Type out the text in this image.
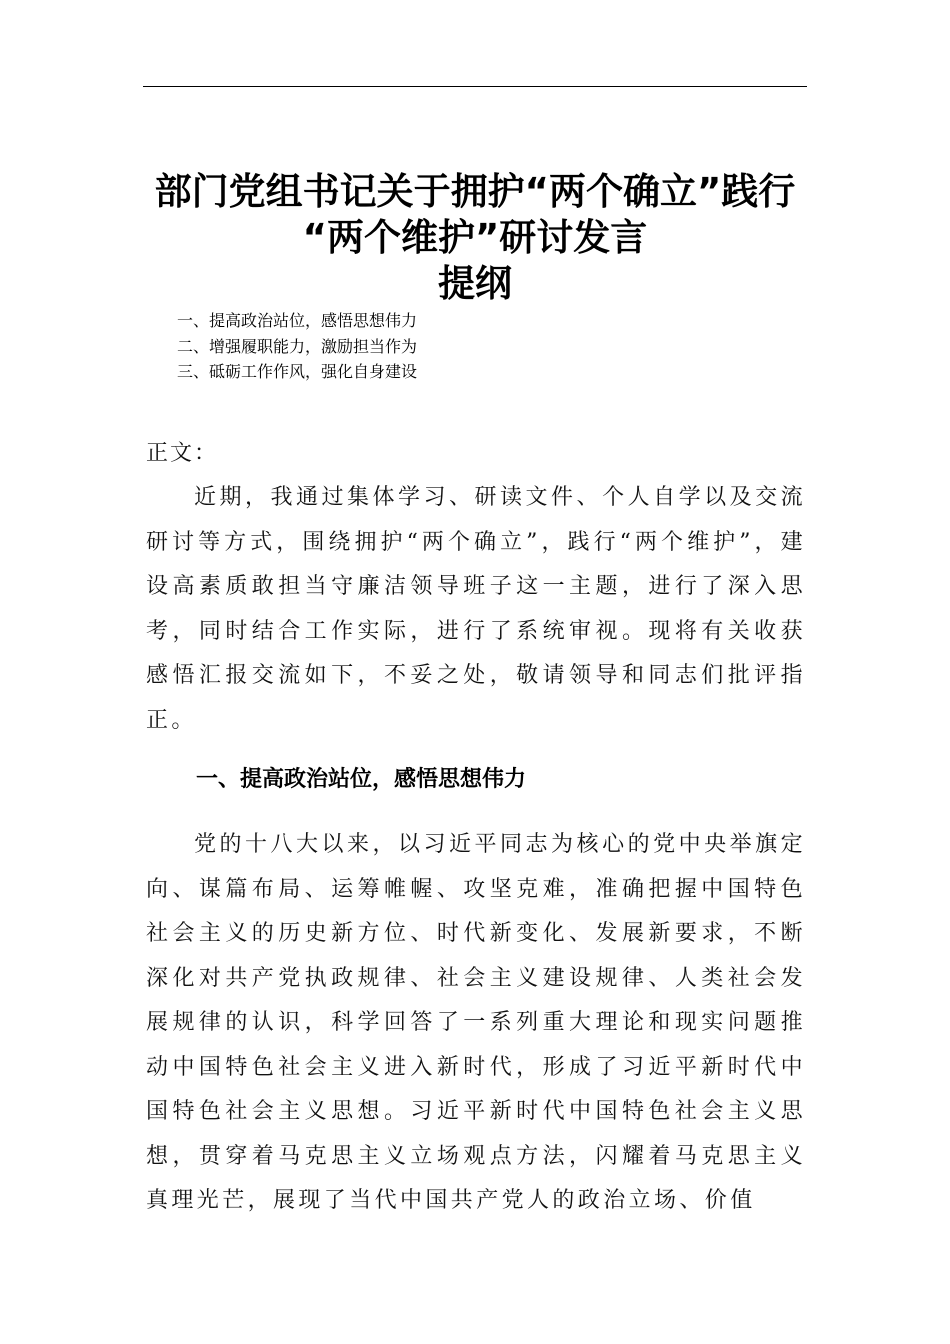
部门党组书记关于拥护“两个确立”践行
“两个维护”研讨发言
提纲
一、提高政治站位，感悟思想伟力
二、增强履职能力，激励担当作为
三、砥砺工作作风，强化自身建设
正文：

近期，我通过集体学习、研读文件、个人自学以及交流研讨等方式，围绕拥护“两个确立”，践行“两个维护”，建设高素质敢担当守廉洁领导班子这一主题，进行了深入思考，同时结合工作实际，进行了系统审视。现将有关收获感悟汇报交流如下，不妥之处，敬请领导和同志们批评指正。

一、提高政治站位，感悟思想伟力

党的十八大以来，以习近平同志为核心的党中央举旗定向、谋篇布局、运筹帷幄、攻坚克难，准确把握中国特色社会主义的历史新方位、时代新变化、发展新要求，不断深化对共产党执政规律、社会主义建设规律、人类社会发展规律的认识，科学回答了一系列重大理论和现实问题推动中国特色社会主义进入新时代，形成了习近平新时代中国特色社会主义思想。习近平新时代中国特色社会主义思想，贯穿着马克思主义立场观点方法，闪耀着马克思主义真理光芒，展现了当代中国共产党人的政治立场、价值
